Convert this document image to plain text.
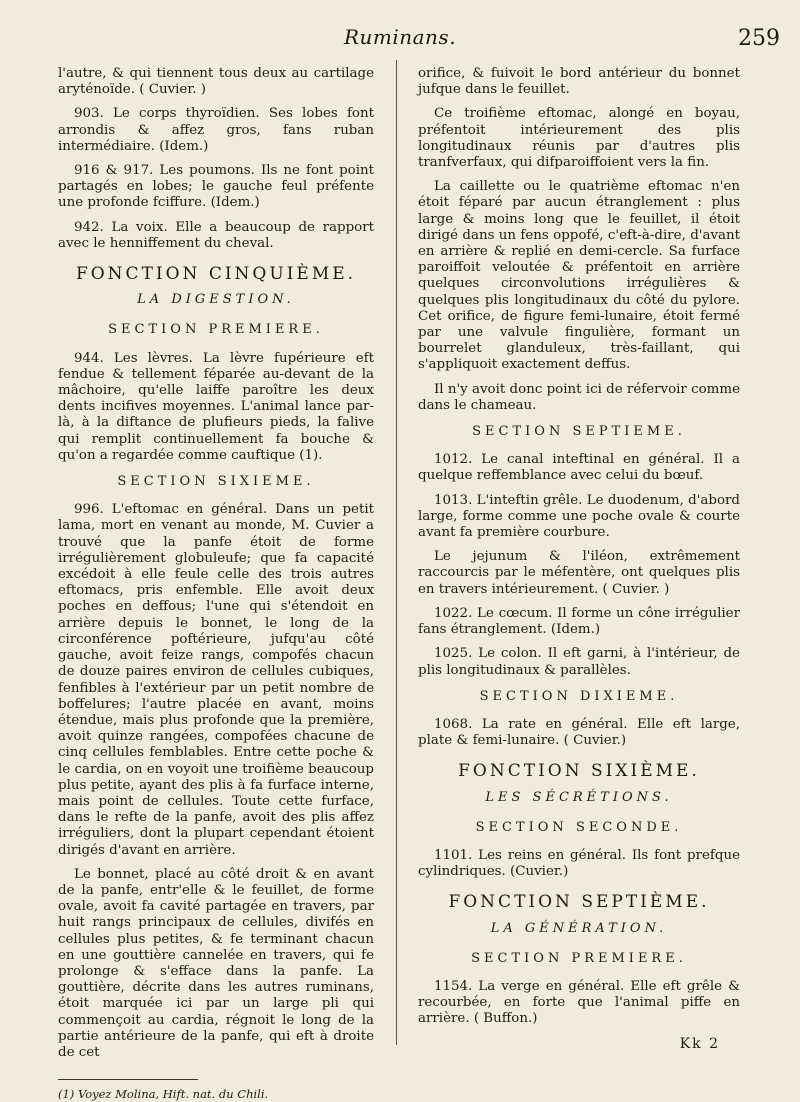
Ruminans.	259

l'autre, & qui tiennent tous deux au cartilage aryténoïde. ( Cuvier. )

903. Le corps thyroïdien. Ses lobes font arrondis & affez gros, fans ruban intermédiaire. (Idem.)

916 & 917. Les poumons. Ils ne font point partagés en lobes; le gauche feul préfente une profonde fciffure. (Idem.)

942. La voix. Elle a beaucoup de rapport avec le henniffement du cheval.

FONCTION CINQUIÈME.
LA DIGESTION.
SECTION PREMIERE.

944. Les lèvres. La lèvre fupérieure eft fendue & tellement féparée au-devant de la mâchoire, qu'elle laiffe paroître les deux dents incifives moyennes. L'animal lance par-là, à la diftance de plufieurs pieds, la falive qui remplit continuellement fa bouche & qu'on a regardée comme cauftique (1).

SECTION SIXIEME.

996. L'eftomac en général. Dans un petit lama, mort en venant au monde, M. Cuvier a trouvé que la panfe étoit de forme irrégulièrement globuleufe; que fa capacité excédoit à elle feule celle des trois autres eftomacs, pris enfemble. Elle avoit deux poches en deffous; l'une qui s'étendoit en arrière depuis le bonnet, le long de la circonférence poftérieure, jufqu'au côté gauche, avoit feize rangs, compofés chacun de douze paires environ de cellules cubiques, fenfibles à l'extérieur par un petit nombre de boffelures; l'autre placée en avant, moins étendue, mais plus profonde que la première, avoit quinze rangées, compofées chacune de cinq cellules femblables. Entre cette poche & le cardia, on en voyoit une troifième beaucoup plus petite, ayant des plis à fa furface interne, mais point de cellules. Toute cette furface, dans le refte de la panfe, avoit des plis affez irréguliers, dont la plupart cependant étoient dirigés d'avant en arrière.

Le bonnet, placé au côté droit & en avant de la panfe, entr'elle & le feuillet, de forme ovale, avoit fa cavité partagée en travers, par huit rangs principaux de cellules, divifés en cellules plus petites, & fe terminant chacun en une gouttière cannelée en travers, qui fe prolonge & s'efface dans la panfe. La gouttière, décrite dans les autres ruminans, étoit marquée ici par un large pli qui commençoit au cardia, régnoit le long de la partie antérieure de la panfe, qui eft à droite de cet

(1) Voyez Molina, Hift. nat. du Chili.

orifice, & fuivoit le bord antérieur du bonnet jufque dans le feuillet.

Ce troifième eftomac, alongé en boyau, préfentoit intérieurement des plis longitudinaux réunis par d'autres plis tranfverfaux, qui difparoiffoient vers la fin.

La caillette ou le quatrième eftomac n'en étoit féparé par aucun étranglement : plus large & moins long que le feuillet, il étoit dirigé dans un fens oppofé, c'eft-à-dire, d'avant en arrière & replié en demi-cercle. Sa furface paroiffoit veloutée & préfentoit en arrière quelques circonvolutions irrégulières & quelques plis longitudinaux du côté du pylore. Cet orifice, de figure femi-lunaire, étoit fermé par une valvule fingulière, formant un bourrelet glanduleux, très-faillant, qui s'appliquoit exactement deffus.

Il n'y avoit donc point ici de réfervoir comme dans le chameau.

SECTION SEPTIEME.

1012. Le canal inteftinal en général. Il a quelque reffemblance avec celui du bœuf.

1013. L'inteftin grêle. Le duodenum, d'abord large, forme comme une poche ovale & courte avant fa première courbure.

Le jejunum & l'iléon, extrêmement raccourcis par le méfentère, ont quelques plis en travers intérieurement. ( Cuvier. )

1022. Le cœcum. Il forme un cône irrégulier fans étranglement. (Idem.)

1025. Le colon. Il eft garni, à l'intérieur, de plis longitudinaux & parallèles.

SECTION DIXIEME.

1068. La rate en général. Elle eft large, plate & femi-lunaire. ( Cuvier.)

FONCTION SIXIÈME.
LES SÉCRÉTIONS.
SECTION SECONDE.

1101. Les reins en général. Ils font prefque cylindriques. (Cuvier.)

FONCTION SEPTIÈME.
LA GÉNÉRATION.
SECTION PREMIERE.

1154. La verge en général. Elle eft grêle & recourbée, en forte que l'animal piffe en arrière. ( Buffon.)

Kk 2
